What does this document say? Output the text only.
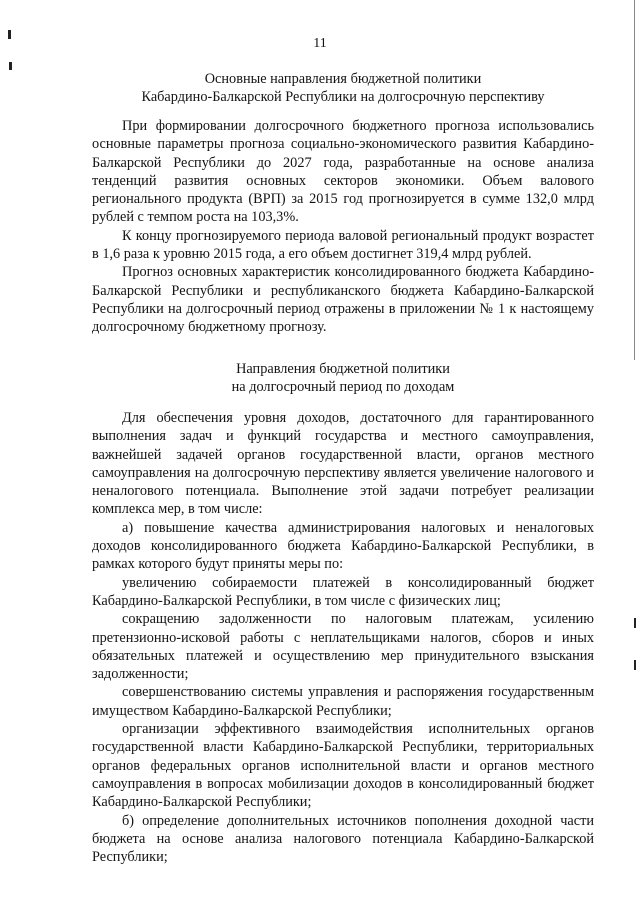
11
Основные направления бюджетной политики
Кабардино-Балкарской Республики на долгосрочную перспективу

При формировании долгосрочного бюджетного прогноза использовались основные параметры прогноза социально-экономического развития Кабардино-Балкарской Республики до 2027 года, разработанные на основе анализа тенденций развития основных секторов экономики. Объем валового регионального продукта (ВРП) за 2015 год прогнозируется в сумме 132,0 млрд рублей с темпом роста на 103,3%.

К концу прогнозируемого периода валовой региональный продукт возрастет в 1,6 раза к уровню 2015 года, а его объем достигнет 319,4 млрд рублей.

Прогноз основных характеристик консолидированного бюджета Кабардино-Балкарской Республики и республиканского бюджета Кабардино-Балкарской Республики на долгосрочный период отражены в приложении № 1 к настоящему долгосрочному бюджетному прогнозу.

Направления бюджетной политики
на долгосрочный период по доходам

Для обеспечения уровня доходов, достаточного для гарантированного выполнения задач и функций государства и местного самоуправления, важнейшей задачей органов государственной власти, органов местного самоуправления на долгосрочную перспективу является увеличение налогового и неналогового потенциала. Выполнение этой задачи потребует реализации комплекса мер, в том числе:

а) повышение качества администрирования налоговых и неналоговых доходов консолидированного бюджета Кабардино-Балкарской Республики, в рамках которого будут приняты меры по:

увеличению собираемости платежей в консолидированный бюджет Кабардино-Балкарской Республики, в том числе с физических лиц;

сокращению задолженности по налоговым платежам, усилению претензионно-исковой работы с неплательщиками налогов, сборов и иных обязательных платежей и осуществлению мер принудительного взыскания задолженности;

совершенствованию системы управления и распоряжения государственным имуществом Кабардино-Балкарской Республики;

организации эффективного взаимодействия исполнительных органов государственной власти Кабардино-Балкарской Республики, территориальных органов федеральных органов исполнительной власти и органов местного самоуправления в вопросах мобилизации доходов в консолидированный бюджет Кабардино-Балкарской Республики;

б) определение дополнительных источников пополнения доходной части бюджета на основе анализа налогового потенциала Кабардино-Балкарской Республики;
